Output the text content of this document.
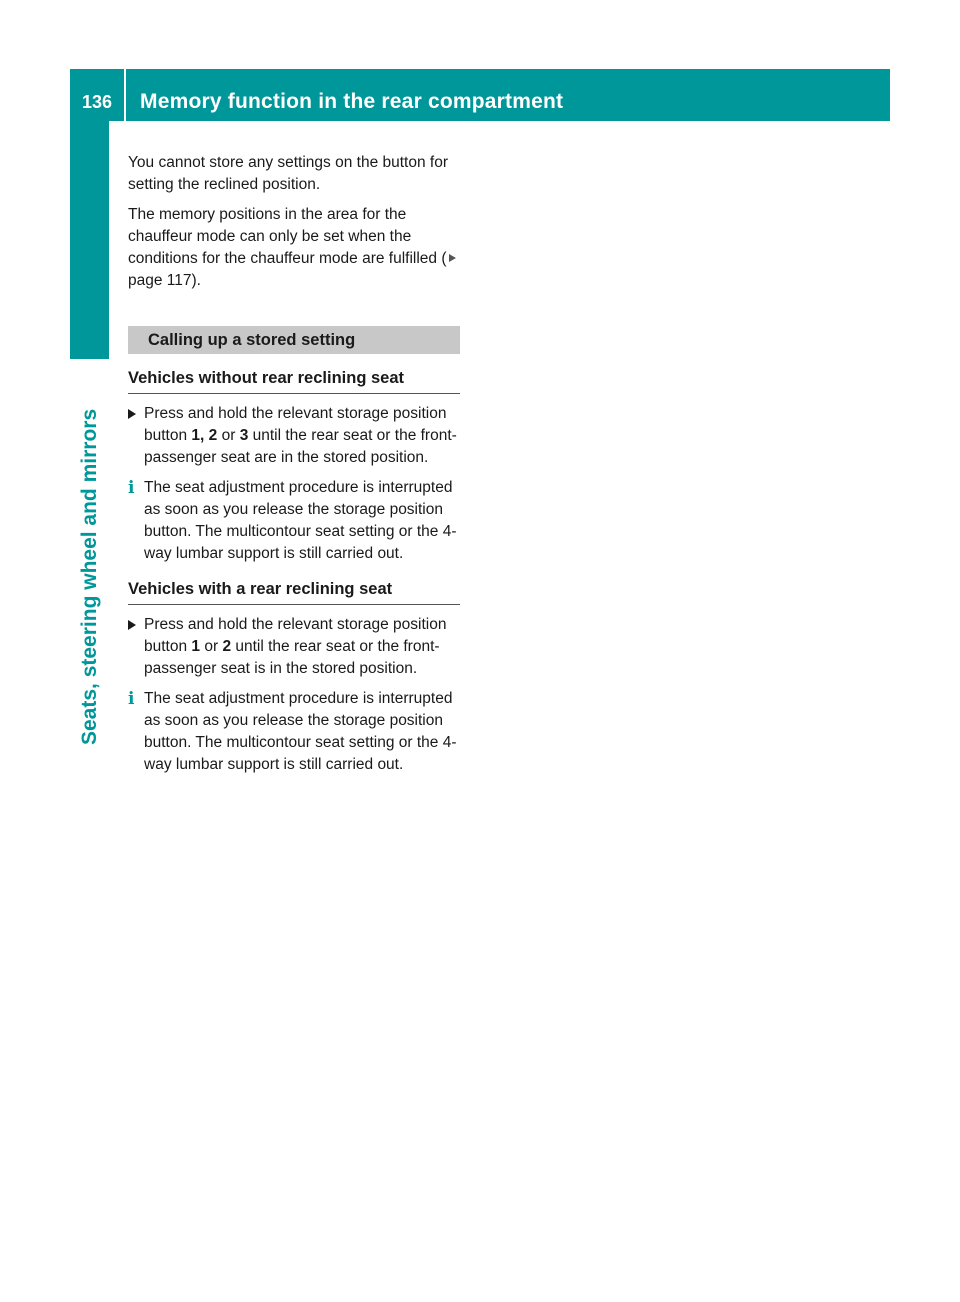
136	Memory function in the rear compartment
Seats, steering wheel and mirrors

You cannot store any settings on the button for setting the reclined position.

The memory positions in the area for the chauffeur mode can only be set when the conditions for the chauffeur mode are fulfilled (page 117).

Calling up a stored setting
Vehicles without rear reclining seat
Press and hold the relevant storage position button 1, 2 or 3 until the rear seat or the front-passenger seat are in the stored position.
i The seat adjustment procedure is interrupted as soon as you release the storage position button. The multicontour seat setting or the 4-way lumbar support is still carried out.
Vehicles with a rear reclining seat
Press and hold the relevant storage position button 1 or 2 until the rear seat or the front-passenger seat is in the stored position.
i The seat adjustment procedure is interrupted as soon as you release the storage position button. The multicontour seat setting or the 4-way lumbar support is still carried out.
